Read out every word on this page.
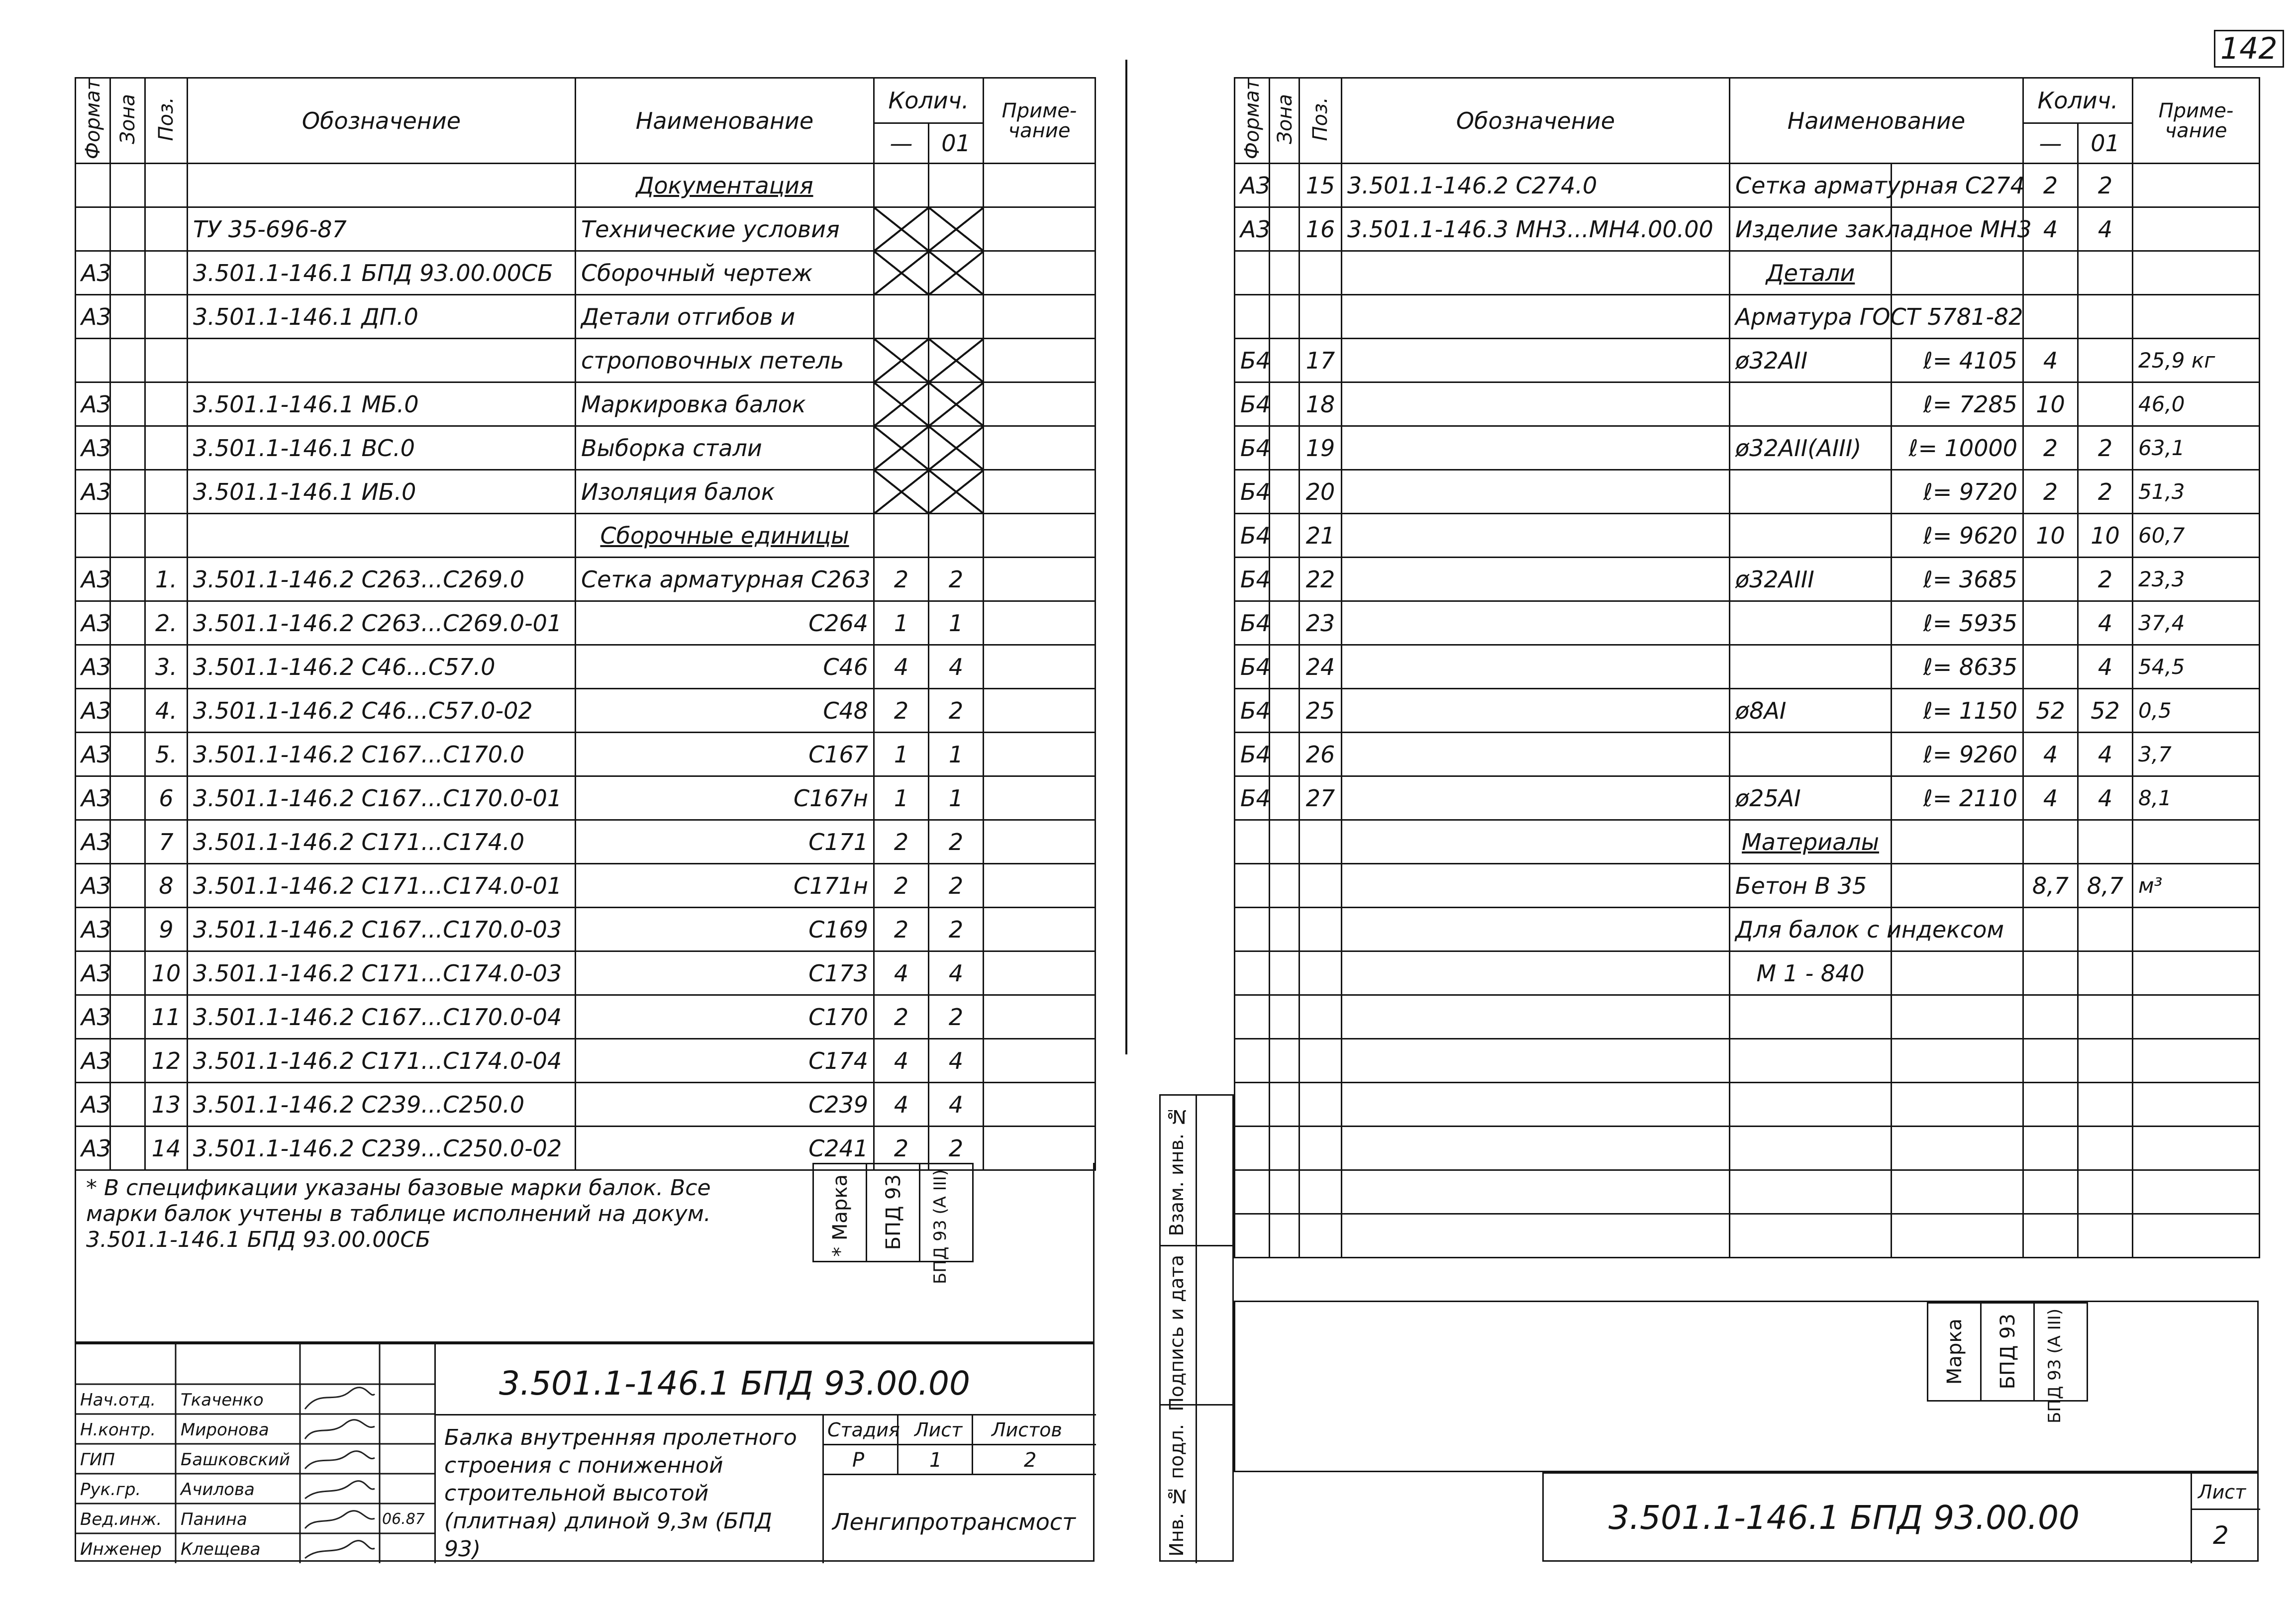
Формат	Зона	Поз.	Обозначение	Наименование	Колич.		Приме-чание
					—	01	
				Документация			
			ТУ 35-696-87	Технические условия			
А3			3.501.1-146.1 БПД 93.00.00СБ	Сборочный чертеж			
А3			3.501.1-146.1 ДП.0	Детали отгибов и			
				строповочных петель			
А3			3.501.1-146.1 МБ.0	Маркировка балок			
А3			3.501.1-146.1 ВС.0	Выборка стали			
А3			3.501.1-146.1 ИБ.0	Изоляция балок			
				Сборочные единицы			
А3		1.	3.501.1-146.2 С263...С269.0	Сетка арматурная С263	2	2	
А3		2.	3.501.1-146.2 С263...С269.0-01	С264	1	1	
А3		3.	3.501.1-146.2 С46...С57.0	С46	4	4	
А3		4.	3.501.1-146.2 С46...С57.0-02	С48	2	2	
А3		5.	3.501.1-146.2 С167...С170.0	С167	1	1	
А3		6	3.501.1-146.2 С167...С170.0-01	С167н	1	1	
А3		7	3.501.1-146.2 С171...С174.0	С171	2	2	
А3		8	3.501.1-146.2 С171...С174.0-01	С171н	2	2	
А3		9	3.501.1-146.2 С167...С170.0-03	С169	2	2	
А3		10	3.501.1-146.2 С171...С174.0-03	С173	4	4	
А3		11	3.501.1-146.2 С167...С170.0-04	С170	2	2	
А3		12	3.501.1-146.2 С171...С174.0-04	С174	4	4	
А3		13	3.501.1-146.2 С239...С250.0	С239	4	4	
А3		14	3.501.1-146.2 С239...С250.0-02	С241	2	2	
* В спецификации указаны базовые марки балок. Все марки балок учтены в таблице исполнений на докум. 3.501.1-146.1 БПД 93.00.00СБ	* Марка БПД 93 БПД 93 (А III)
Нач.отд. Ткаченко
Н.контр. Миронова
ГИП	Башковский
Рук.гр. Ачилова
Вед.инж. Панина	06.87
Инженер Клещева
3.501.1-146.1 БПД 93.00.00
Балка внутренняя пролетного строения с пониженной строительной высотой (плитная) длиной 9,3м (БПД 93)
Стадия Лист Листов
Р	1	2
Ленгипротрансмост
142
Инв. № подл.
Подпись и дата
Взам. инв. №
Формат	Зона	Поз.	Обозначение	Наименование		Колич.		Приме-чание
						—	01	
А3		15	3.501.1-146.2 С274.0	Сетка арматурная С274		2	2	
А3		16	3.501.1-146.3 МН3...МН4.00.00	Изделие закладное МН3		4	4	
				Детали				
				Арматура ГОСТ 5781-82				
Б4		17		ø32АII	ℓ= 4105	4		25,9 кг
Б4		18			ℓ= 7285	10		46,0
Б4		19		ø32АII(АIII)	ℓ= 10000	2	2	63,1
Б4		20			ℓ= 9720	2	2	51,3
Б4		21			ℓ= 9620	10	10	60,7
Б4		22		ø32АIII	ℓ= 3685		2	23,3
Б4		23			ℓ= 5935		4	37,4
Б4		24			ℓ= 8635		4	54,5
Б4		25		ø8АI	ℓ= 1150	52	52	0,5
Б4		26			ℓ= 9260	4	4	3,7
Б4		27		ø25АI	ℓ= 2110	4	4	8,1
				Материалы				
				Бетон В 35		8,7	8,7	м³
				Для балок с индексом				
				М 1 - 840				

Марка БПД 93 БПД 93 (А III)
3.501.1-146.1 БПД 93.00.00
Лист
2
